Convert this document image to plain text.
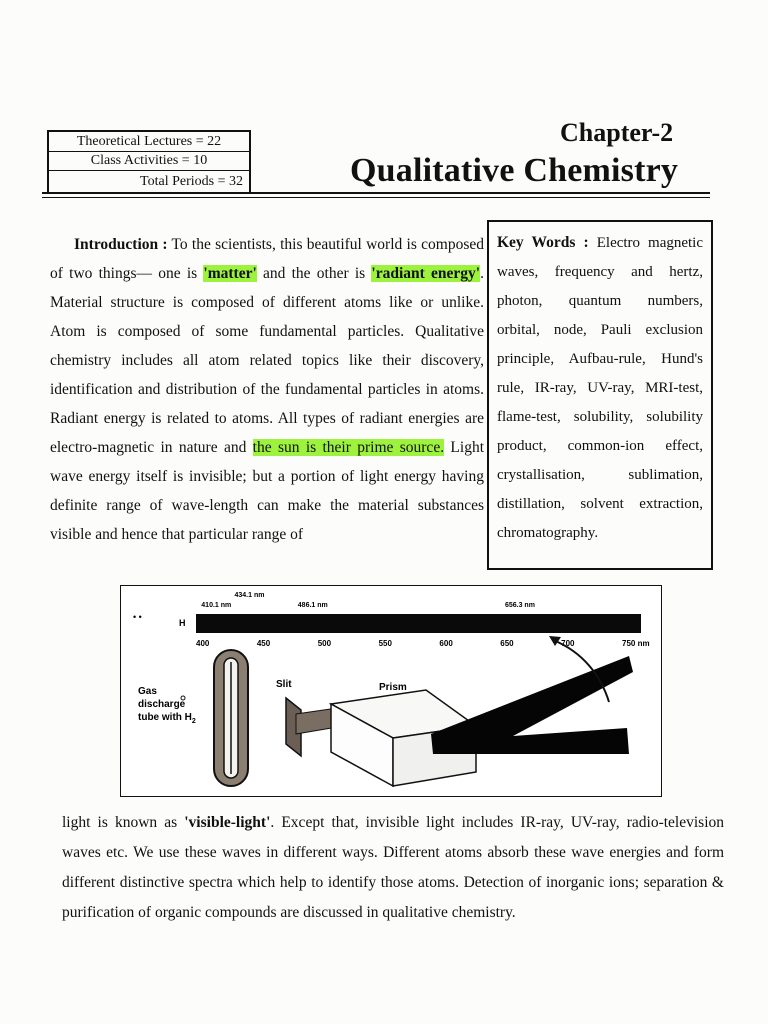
Theoretical Lectures = 22
Class Activities = 10
Total Periods = 32
Chapter-2
Qualitative Chemistry

Introduction : To the scientists, this beautiful world is composed of two things— one is 'matter' and the other is 'radiant energy'. Material structure is composed of different atoms like or unlike. Atom is composed of some fundamental particles. Qualitative chemistry includes all atom related topics like their discovery, identification and distribution of the fundamental particles in atoms. Radiant energy is related to atoms. All types of radiant energies are electro-magnetic in nature and the sun is their prime source. Light wave energy itself is invisible; but a portion of light energy having definite range of wave-length can make the material substances visible and hence that particular range of

Key Words : Electro magnetic waves, frequency and hertz, photon, quantum numbers, orbital, node, Pauli exclusion principle, Aufbau-rule, Hund's rule, IR-ray, UV-ray, MRI-test, flame-test, solubility, solubility product, common-ion effect, crystallisation, sublimation, distillation, solvent extraction, chromatography.
• •
H
410.1 nm
434.1 nm
486.1 nm	656.3 nm
400	450	500	550	600	650	700	750 nm
Gas
discharge
tube with $H_2$
Slit	Prism

light is known as 'visible-light'. Except that, invisible light includes IR-ray, UV-ray, radio-television waves etc. We use these waves in different ways. Different atoms absorb these wave energies and form different distinctive spectra which help to identify those atoms. Detection of inorganic ions; separation & purification of organic compounds are discussed in qualitative chemistry.
